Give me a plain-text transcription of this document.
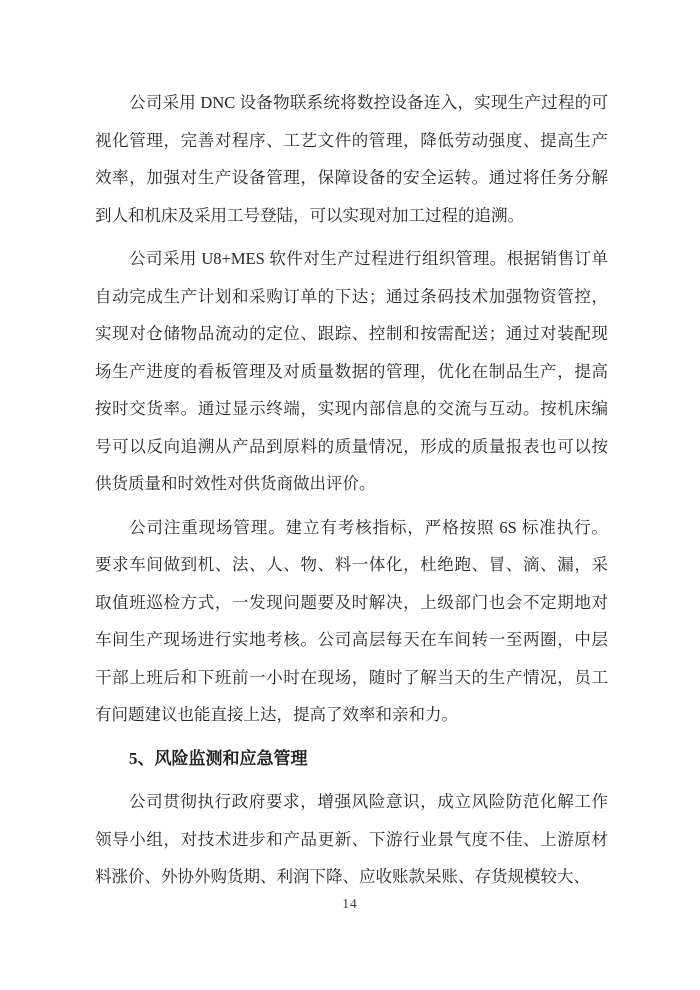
公司采用 DNC 设备物联系统将数控设备连入，实现生产过程的可
视化管理，完善对程序、工艺文件的管理，降低劳动强度、提高生产
效率，加强对生产设备管理，保障设备的安全运转。通过将任务分解
到人和机床及采用工号登陆，可以实现对加工过程的追溯。
公司采用 U8+MES 软件对生产过程进行组织管理。根据销售订单
自动完成生产计划和采购订单的下达；通过条码技术加强物资管控，
实现对仓储物品流动的定位、跟踪、控制和按需配送；通过对装配现
场生产进度的看板管理及对质量数据的管理，优化在制品生产，提高
按时交货率。通过显示终端，实现内部信息的交流与互动。按机床编
号可以反向追溯从产品到原料的质量情况，形成的质量报表也可以按
供货质量和时效性对供货商做出评价。
公司注重现场管理。建立有考核指标，严格按照 6S 标准执行。
要求车间做到机、法、人、物、料一体化，杜绝跑、冒、滴、漏，采
取值班巡检方式，一发现问题要及时解决，上级部门也会不定期地对
车间生产现场进行实地考核。公司高层每天在车间转一至两圈，中层
干部上班后和下班前一小时在现场，随时了解当天的生产情况，员工
有问题建议也能直接上达，提高了效率和亲和力。
5、风险监测和应急管理
公司贯彻执行政府要求，增强风险意识，成立风险防范化解工作
领导小组，对技术进步和产品更新、下游行业景气度不佳、上游原材
料涨价、外协外购货期、利润下降、应收账款呆账、存货规模较大、
14
